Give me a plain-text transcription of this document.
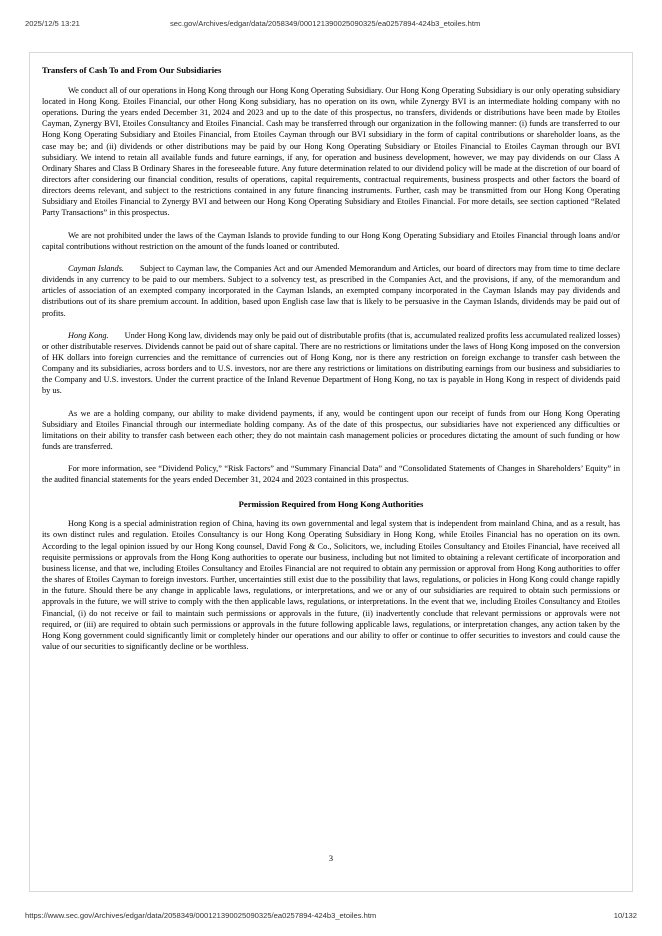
2025/12/5 13:21	sec.gov/Archives/edgar/data/2058349/000121390025090325/ea0257894-424b3_etoiles.htm
Transfers of Cash To and From Our Subsidiaries

We conduct all of our operations in Hong Kong through our Hong Kong Operating Subsidiary. Our Hong Kong Operating Subsidiary is our only operating subsidiary located in Hong Kong. Etoiles Financial, our other Hong Kong subsidiary, has no operation on its own, while Zynergy BVI is an intermediate holding company with no operations. During the years ended December 31, 2024 and 2023 and up to the date of this prospectus, no transfers, dividends or distributions have been made by Etoiles Cayman, Zynergy BVI, Etoiles Consultancy and Etoiles Financial. Cash may be transferred through our organization in the following manner: (i) funds are transferred to our Hong Kong Operating Subsidiary and Etoiles Financial, from Etoiles Cayman through our BVI subsidiary in the form of capital contributions or shareholder loans, as the case may be; and (ii) dividends or other distributions may be paid by our Hong Kong Operating Subsidiary or Etoiles Financial to Etoiles Cayman through our BVI subsidiary. We intend to retain all available funds and future earnings, if any, for operation and business development, however, we may pay dividends on our Class A Ordinary Shares and Class B Ordinary Shares in the foreseeable future. Any future determination related to our dividend policy will be made at the discretion of our board of directors after considering our financial condition, results of operations, capital requirements, contractual requirements, business prospects and other factors the board of directors deems relevant, and subject to the restrictions contained in any future financing instruments. Further, cash may be transmitted from our Hong Kong Operating Subsidiary and Etoiles Financial to Zynergy BVI and between our Hong Kong Operating Subsidiary and Etoiles Financial. For more details, see section captioned “Related Party Transactions” in this prospectus.

We are not prohibited under the laws of the Cayman Islands to provide funding to our Hong Kong Operating Subsidiary and Etoiles Financial through loans and/or capital contributions without restriction on the amount of the funds loaned or contributed.

Cayman Islands. Subject to Cayman law, the Companies Act and our Amended Memorandum and Articles, our board of directors may from time to time declare dividends in any currency to be paid to our members. Subject to a solvency test, as prescribed in the Companies Act, and the provisions, if any, of the memorandum and articles of association of an exempted company incorporated in the Cayman Islands, an exempted company incorporated in the Cayman Islands may pay dividends and distributions out of its share premium account. In addition, based upon English case law that is likely to be persuasive in the Cayman Islands, dividends may be paid out of profits.

Hong Kong. Under Hong Kong law, dividends may only be paid out of distributable profits (that is, accumulated realized profits less accumulated realized losses) or other distributable reserves. Dividends cannot be paid out of share capital. There are no restrictions or limitations under the laws of Hong Kong imposed on the conversion of HK dollars into foreign currencies and the remittance of currencies out of Hong Kong, nor is there any restriction on foreign exchange to transfer cash between the Company and its subsidiaries, across borders and to U.S. investors, nor are there any restrictions or limitations on distributing earnings from our business and subsidiaries to the Company and U.S. investors. Under the current practice of the Inland Revenue Department of Hong Kong, no tax is payable in Hong Kong in respect of dividends paid by us.

As we are a holding company, our ability to make dividend payments, if any, would be contingent upon our receipt of funds from our Hong Kong Operating Subsidiary and Etoiles Financial through our intermediate holding company. As of the date of this prospectus, our subsidiaries have not experienced any difficulties or limitations on their ability to transfer cash between each other; they do not maintain cash management policies or procedures dictating the amount of such funding or how funds are transferred.

For more information, see “Dividend Policy,” “Risk Factors” and “Summary Financial Data” and “Consolidated Statements of Changes in Shareholders’ Equity” in the audited financial statements for the years ended December 31, 2024 and 2023 contained in this prospectus.

Permission Required from Hong Kong Authorities

Hong Kong is a special administration region of China, having its own governmental and legal system that is independent from mainland China, and as a result, has its own distinct rules and regulation. Etoiles Consultancy is our Hong Kong Operating Subsidiary in Hong Kong, while Etoiles Financial has no operation on its own. According to the legal opinion issued by our Hong Kong counsel, David Fong & Co., Solicitors, we, including Etoiles Consultancy and Etoiles Financial, have received all requisite permissions or approvals from the Hong Kong authorities to operate our business, including but not limited to obtaining a relevant certificate of incorporation and business license, and that we, including Etoiles Consultancy and Etoiles Financial are not required to obtain any permission or approval from Hong Kong authorities to offer the shares of Etoiles Cayman to foreign investors. Further, uncertainties still exist due to the possibility that laws, regulations, or policies in Hong Kong could change rapidly in the future. Should there be any change in applicable laws, regulations, or interpretations, and we or any of our subsidiaries are required to obtain such permissions or approvals in the future, we will strive to comply with the then applicable laws, regulations, or interpretations. In the event that we, including Etoiles Consultancy and Etoiles Financial, (i) do not receive or fail to maintain such permissions or approvals in the future, (ii) inadvertently conclude that relevant permissions or approvals were not required, or (iii) are required to obtain such permissions or approvals in the future following applicable laws, regulations, or interpretation changes, any action taken by the Hong Kong government could significantly limit or completely hinder our operations and our ability to offer or continue to offer securities to investors and could cause the value of our securities to significantly decline or be worthless.

3
https://www.sec.gov/Archives/edgar/data/2058349/000121390025090325/ea0257894-424b3_etoiles.htm	10/132
